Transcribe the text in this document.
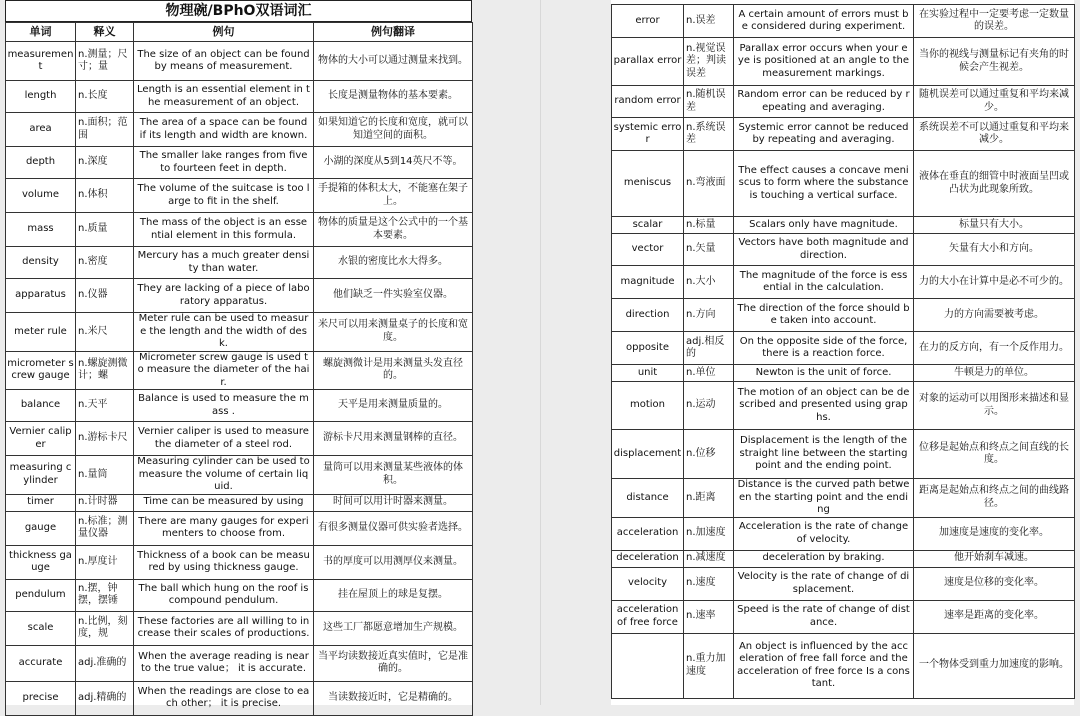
物理碗/BPhO双语词汇
单词	释义	例句	例句翻译
measurement	n.测量；尺寸；量	The size of an object can be found by means of measurement.	物体的大小可以通过测量来找到。
length	n.长度	Length is an essential element in the measurement of an object.	长度是测量物体的基本要素。
area	n.面积；范围	The area of a space can be found if its length and width are known.	如果知道它的长度和宽度，就可以知道空间的面积。
depth	n.深度	The smaller lake ranges from five to fourteen feet in depth.	小湖的深度从5到14英尺不等。
volume	n.体积	The volume of the suitcase is too large to fit in the shelf.	手提箱的体积太大，不能塞在架子上。
mass	n.质量	The mass of the object is an essential element in this formula.	物体的质量是这个公式中的一个基本要素。
density	n.密度	Mercury has a much greater density than water.	水银的密度比水大得多。
apparatus	n.仪器	They are lacking of a piece of laboratory apparatus.	他们缺乏一件实验室仪器。
meter rule	n.米尺	Meter rule can be used to measure the length and the width of desk.	米尺可以用来测量桌子的长度和宽度。
micrometer screw gauge	n.螺旋测微计；螺	Micrometer screw gauge is used to measure the diameter of the hair.	螺旋测微计是用来测量头发直径的。
balance	n.天平	Balance is used to measure the mass .	天平是用来测量质量的。
Vernier caliper	n.游标卡尺	Vernier caliper is used to measure the diameter of a steel rod.	游标卡尺用来测量钢棒的直径。
measuring cylinder	n.量筒	Measuring cylinder can be used to measure the volume of certain liquid.	量筒可以用来测量某些液体的体积。
timer	n.计时器	Time can be measured by using	时间可以用计时器来测量。
gauge	n.标准；测量仪器	There are many gauges for experimenters to choose from.	有很多测量仪器可供实验者选择。
thickness gauge	n.厚度计	Thickness of a book can be measured by using thickness gauge.	书的厚度可以用测厚仪来测量。
pendulum	n.摆，钟摆，摆锤	The ball which hung on the roof is compound pendulum.	挂在屋顶上的球是复摆。
scale	n.比例，刻度，规	These factories are all willing to increase their scales of productions.	这些工厂都愿意增加生产规模。
accurate	adj.准确的	When the average reading is near to the true value； it is accurate.	当平均读数接近真实值时，它是准确的。
precise	adj.精确的	When the readings are close to each other； it is precise.	当读数接近时，它是精确的。
error	n.误差	A certain amount of errors must be considered during experiment.	在实验过程中一定要考虑一定数量的误差。
parallax error	n.视觉误差；判读误差	Parallax error occurs when your eye is positioned at an angle to the measurement markings.	当你的视线与测量标记有夹角的时候会产生视差。
random error	n.随机误差	Random error can be reduced by repeating and averaging.	随机误差可以通过重复和平均来减少。
systemic error	n.系统误差	Systemic error cannot be reduced by repeating and averaging.	系统误差不可以通过重复和平均来减少。
meniscus	n.弯液面	The effect causes a concave meniscus to form where the substance is touching a vertical surface.	液体在垂直的细管中时液面呈凹或凸状为此现象所致。
scalar	n.标量	Scalars only have magnitude.	标量只有大小。
vector	n.矢量	Vectors have both magnitude and direction.	矢量有大小和方向。
magnitude	n.大小	The magnitude of the force is essential in the calculation.	力的大小在计算中是必不可少的。
direction	n.方向	The direction of the force should be taken into account.	力的方向需要被考虑。
opposite	adj.相反的	On the opposite side of the force, there is a reaction force.	在力的反方向，有一个反作用力。
unit	n.单位	Newton is the unit of force.	牛顿是力的单位。
motion	n.运动	The motion of an object can be described and presented using graphs.	对象的运动可以用图形来描述和显示。
displacement	n.位移	Displacement is the length of the straight line between the starting point and the ending point.	位移是起始点和终点之间直线的长度。
distance	n.距离	Distance is the curved path between the starting point and the ending	距离是起始点和终点之间的曲线路径。
acceleration	n.加速度	Acceleration is the rate of change of velocity.	加速度是速度的变化率。
deceleration	n.减速度	deceleration by braking.	他开始刹车减速。
velocity	n.速度	Velocity is the rate of change of displacement.	速度是位移的变化率。
acceleration of free force	n.速率	Speed is the rate of change of distance.	速率是距离的变化率。
	n.重力加速度	An object is influenced by the acceleration of free fall force and the acceleration of free force Is a constant.	一个物体受到重力加速度的影响。
